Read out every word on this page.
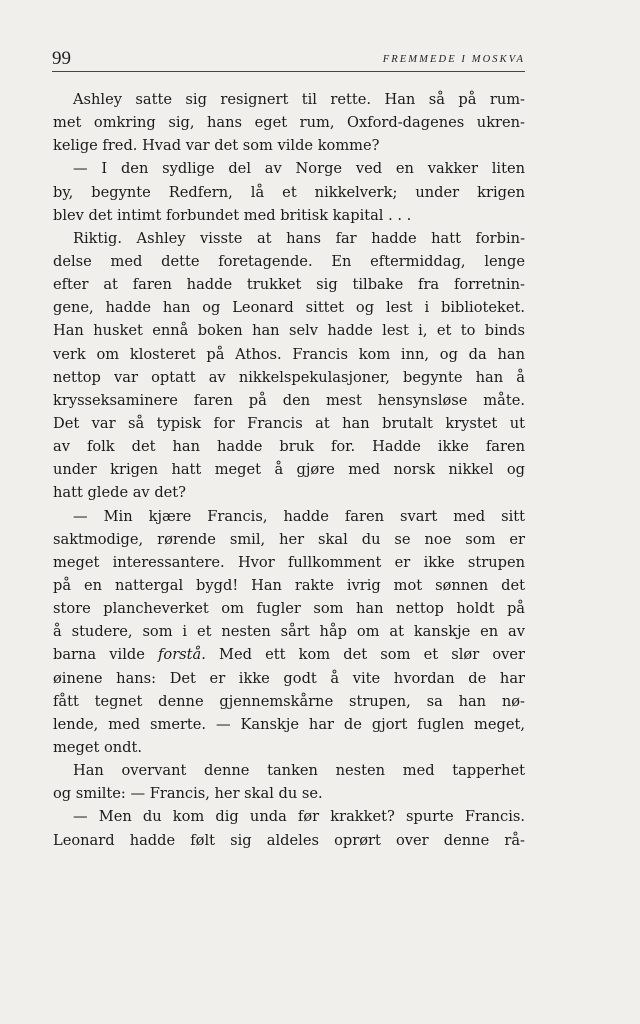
99	FREMMEDE I MOSKVA
Ashley satte sig resignert til rette. Han så på rum-
met omkring sig, hans eget rum, Oxford-dagenes ukren-
kelige fred. Hvad var det som vilde komme?
— I den sydlige del av Norge ved en vakker liten
by, begynte Redfern, lå et nikkelverk; under krigen
blev det intimt forbundet med britisk kapital . . .
Riktig. Ashley visste at hans far hadde hatt forbin-
delse med dette foretagende. En eftermiddag, lenge
efter at faren hadde trukket sig tilbake fra forretnin-
gene, hadde han og Leonard sittet og lest i biblioteket.
Han husket ennå boken han selv hadde lest i, et to binds
verk om klosteret på Athos. Francis kom inn, og da han
nettop var optatt av nikkelspekulasjoner, begynte han å
krysseksaminere faren på den mest hensynsløse måte.
Det var så typisk for Francis at han brutalt krystet ut
av folk det han hadde bruk for. Hadde ikke faren
under krigen hatt meget å gjøre med norsk nikkel og
hatt glede av det?
— Min kjære Francis, hadde faren svart med sitt
saktmodige, rørende smil, her skal du se noe som er
meget interessantere. Hvor fullkomment er ikke strupen
på en nattergal bygd! Han rakte ivrig mot sønnen det
store plancheverket om fugler som han nettop holdt på
å studere, som i et nesten sårt håp om at kanskje en av
barna vilde forstå. Med ett kom det som et slør over
øinene hans: Det er ikke godt å vite hvordan de har
fått tegnet denne gjennemskårne strupen, sa han nø-
lende, med smerte. — Kanskje har de gjort fuglen meget,
meget ondt.
Han overvant denne tanken nesten med tapperhet
og smilte: — Francis, her skal du se.
— Men du kom dig unda før krakket? spurte Francis.
Leonard hadde følt sig aldeles oprørt over denne rå-
